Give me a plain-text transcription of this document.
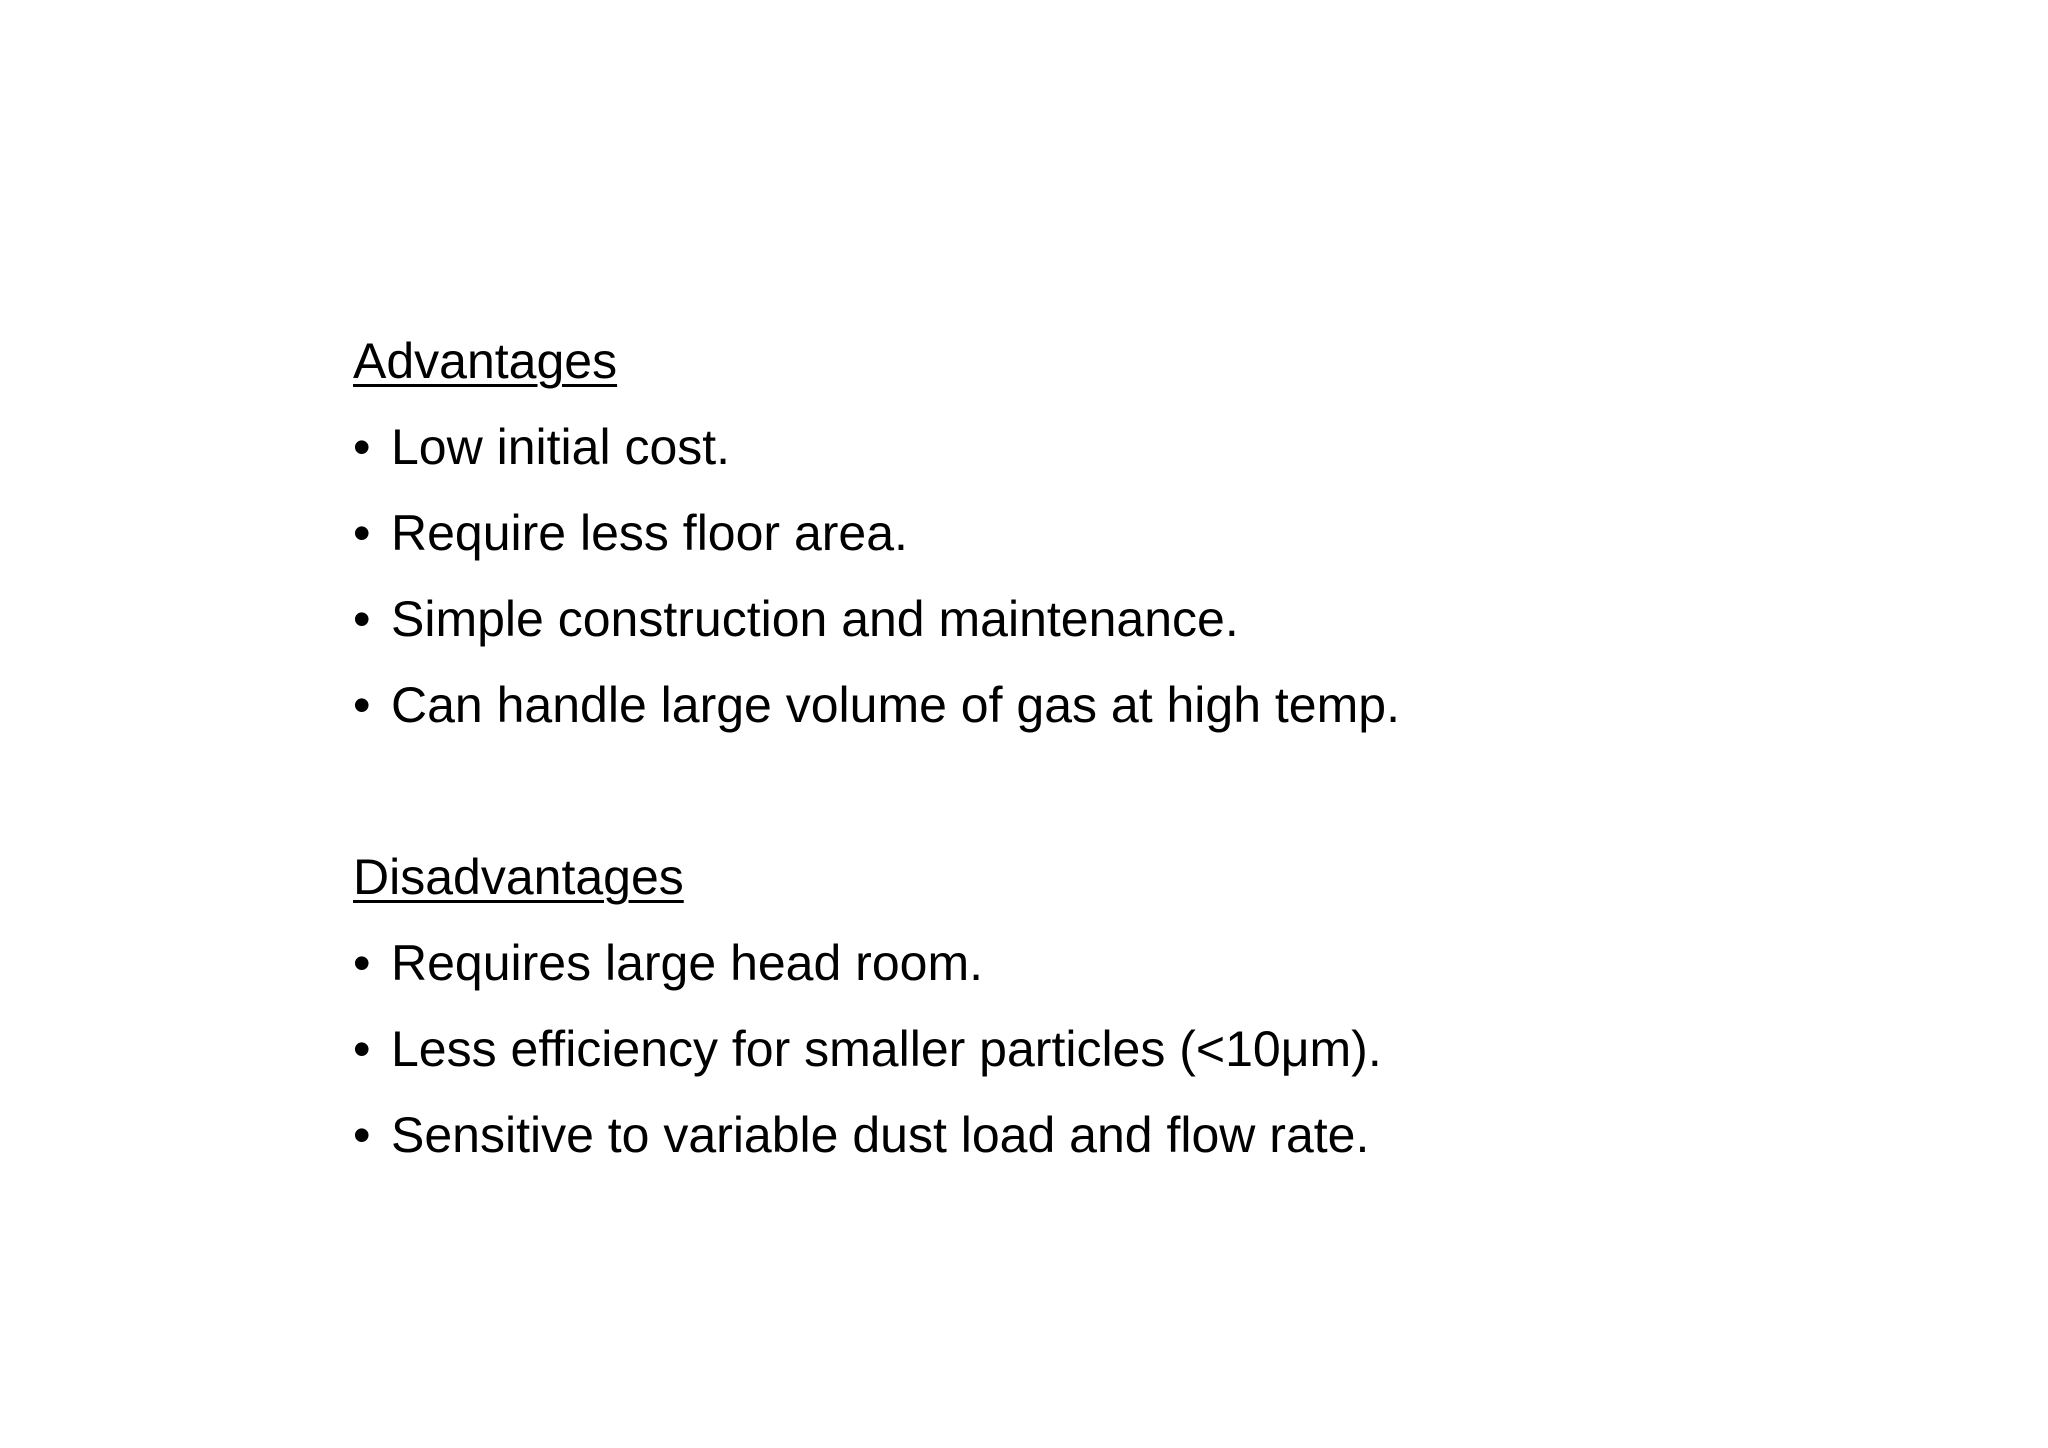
Advantages
• Low initial cost.
• Require less floor area.
• Simple construction and maintenance.
• Can handle large volume of gas at high temp.
Disadvantages
• Requires large head room.
• Less efficiency for smaller particles (<10μm).
• Sensitive to variable dust load and flow rate.
